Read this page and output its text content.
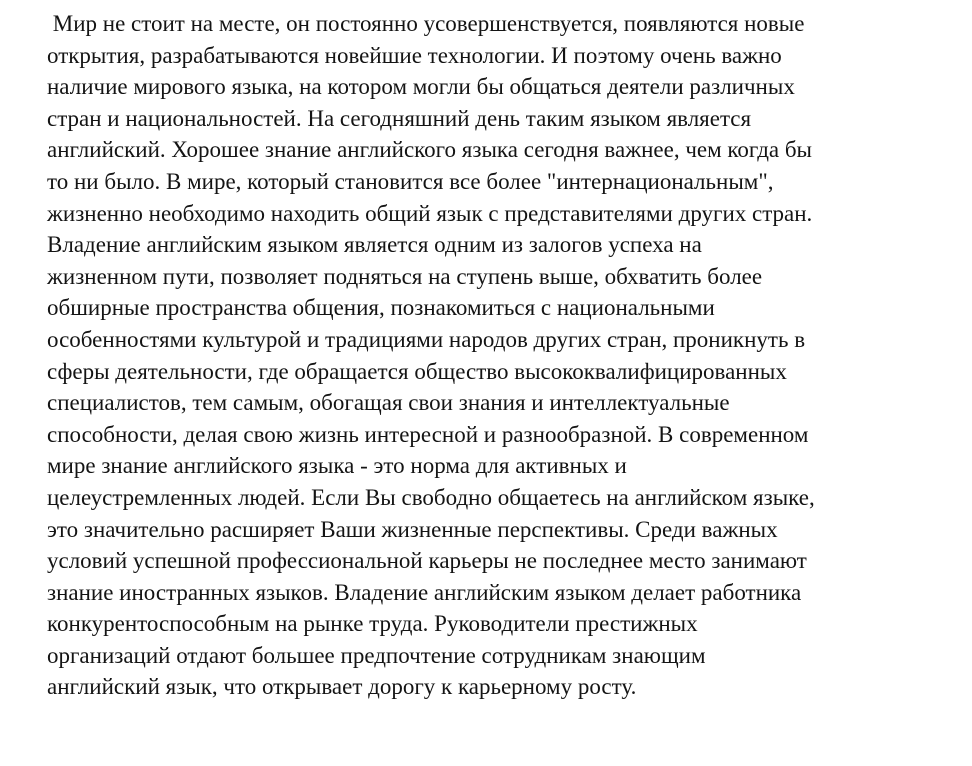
Мир не стоит на месте, он постоянно усовершенствуется, появляются новые
открытия, разрабатываются новейшие технологии. И поэтому очень важно
наличие мирового языка, на котором могли бы общаться деятели различных
стран и национальностей. На сегодняшний день таким языком является
английский. Хорошее знание английского языка сегодня важнее, чем когда бы
то ни было. В мире, который становится все более "интернациональным",
жизненно необходимо находить общий язык с представителями других стран.
Владение английским языком является одним из залогов успеха на
жизненном пути, позволяет подняться на ступень выше, обхватить более
обширные пространства общения, познакомиться с национальными
особенностями культурой и традициями народов других стран, проникнуть в
сферы деятельности, где обращается общество высококвалифицированных
специалистов, тем самым, обогащая свои знания и интеллектуальные
способности, делая свою жизнь интересной и разнообразной. В современном
мире знание английского языка - это норма для активных и
целеустремленных людей. Если Вы свободно общаетесь на английском языке,
это значительно расширяет Ваши жизненные перспективы. Среди важных
условий успешной профессиональной карьеры не последнее место занимают
знание иностранных языков. Владение английским языком делает работника
конкурентоспособным на рынке труда. Руководители престижных
организаций отдают большее предпочтение сотрудникам знающим
английский язык, что открывает дорогу к карьерному росту.
